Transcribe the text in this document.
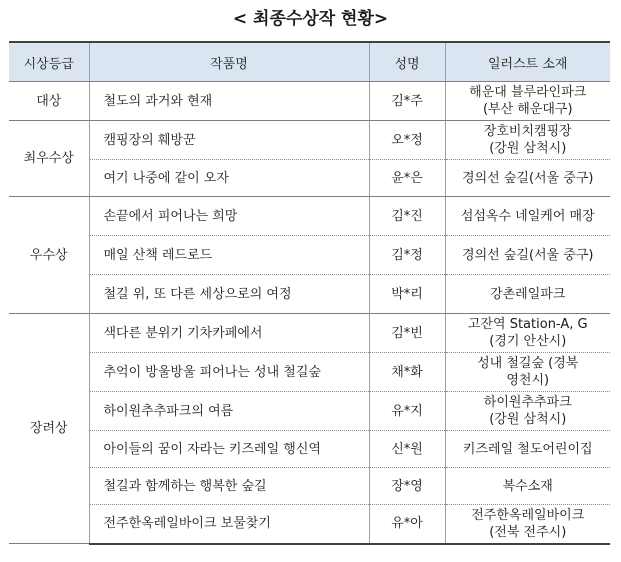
< 최종수상작 현황>
시상등급	작품명	성명	일러스트 소재
대상	철도의 과거와 현재	김*주	해운대 블루라인파크
(부산 해운대구)

최우수상	캠핑장의 훼방꾼	오*정	장호비치캠핑장
(강원 삼척시)

	여기 나중에 같이 오자	윤*은	경의선 숲길(서울 중구)

우수상	손끝에서 피어나는 희망	김*진	섬섬옥수 네일케어 매장

	매일 산책 레드로드	김*정	경의선 숲길(서울 중구)

	철길 위, 또 다른 세상으로의 여정	박*리	강촌레일파크

장려상	색다른 분위기 기차카페에서	김*빈	고잔역 Station-A, G
(경기 안산시)

	추억이 방울방울 피어나는 성내 철길숲	채*화	성내 철길숲 (경북
영천시)

	하이원추추파크의 여름	유*지	하이원추추파크
(강원 삼척시)

	아이들의 꿈이 자라는 키즈레일 행신역	신*원	키즈레일 철도어린이집

	철길과 함께하는 행복한 숲길	장*영	복수소재

	전주한옥레일바이크 보물찾기	유*아	전주한옥레일바이크
(전북 전주시)
